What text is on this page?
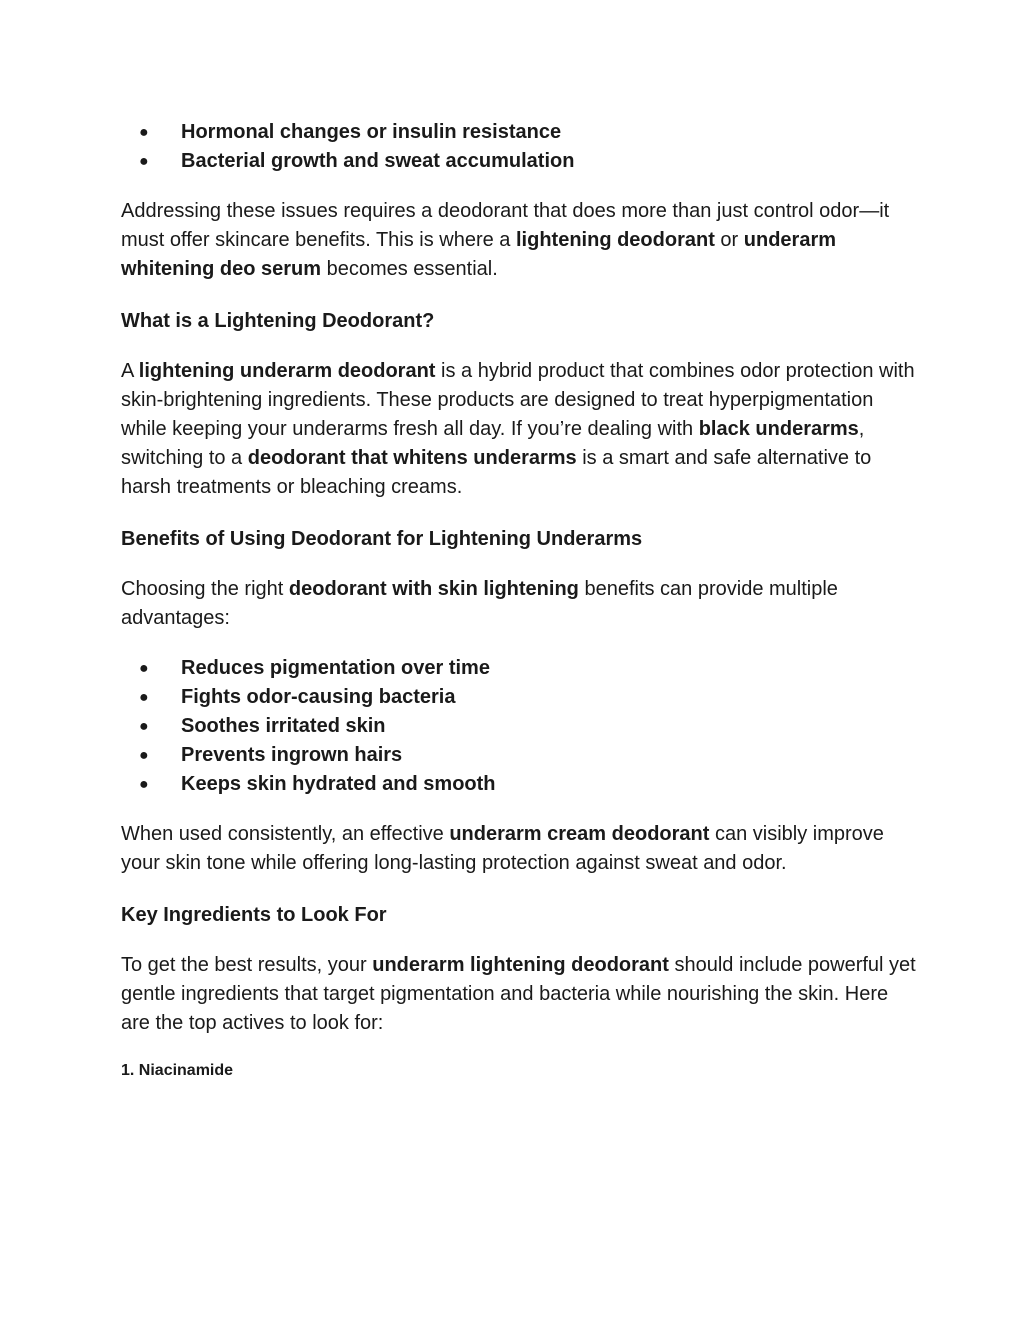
● Hormonal changes or insulin resistance
● Bacterial growth and sweat accumulation

Addressing these issues requires a deodorant that does more than just control odor—it must offer skincare benefits. This is where a lightening deodorant or underarm whitening deo serum becomes essential.

What is a Lightening Deodorant?

A lightening underarm deodorant is a hybrid product that combines odor protection with skin-brightening ingredients. These products are designed to treat hyperpigmentation while keeping your underarms fresh all day. If you’re dealing with black underarms, switching to a deodorant that whitens underarms is a smart and safe alternative to harsh treatments or bleaching creams.

Benefits of Using Deodorant for Lightening Underarms

Choosing the right deodorant with skin lightening benefits can provide multiple advantages:

● Reduces pigmentation over time
● Fights odor-causing bacteria
● Soothes irritated skin
● Prevents ingrown hairs
● Keeps skin hydrated and smooth

When used consistently, an effective underarm cream deodorant can visibly improve your skin tone while offering long-lasting protection against sweat and odor.

Key Ingredients to Look For

To get the best results, your underarm lightening deodorant should include powerful yet gentle ingredients that target pigmentation and bacteria while nourishing the skin. Here are the top actives to look for:

1. Niacinamide
